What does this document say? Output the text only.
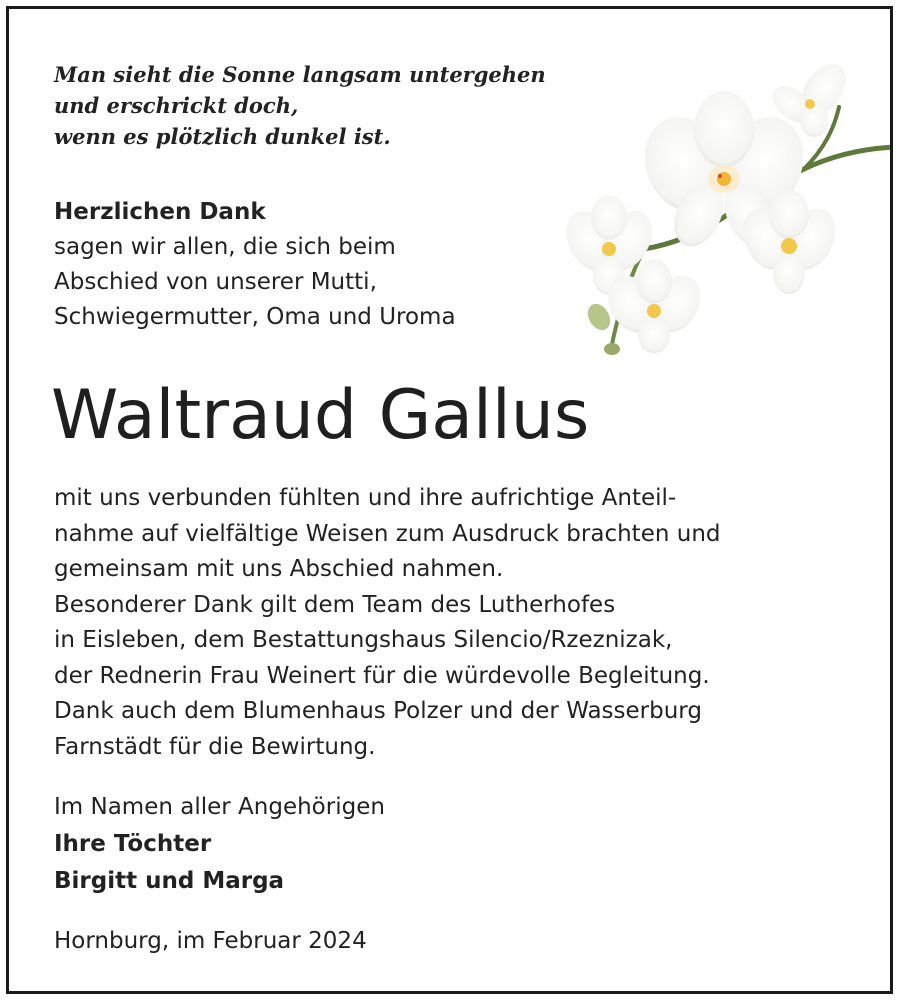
Man sieht die Sonne langsam untergehen
und erschrickt doch,
wenn es plötzlich dunkel ist.
Herzlichen Dank
sagen wir allen, die sich beim
Abschied von unserer Mutti,
Schwiegermutter, Oma und Uroma
Waltraud Gallus
mit uns verbunden fühlten und ihre aufrichtige Anteil-
nahme auf vielfältige Weisen zum Ausdruck brachten und
gemeinsam mit uns Abschied nahmen.
Besonderer Dank gilt dem Team des Lutherhofes
in Eisleben, dem Bestattungshaus Silencio/Rzeznizak,
der Rednerin Frau Weinert für die würdevolle Begleitung.
Dank auch dem Blumenhaus Polzer und der Wasserburg
Farnstädt für die Bewirtung.
Im Namen aller Angehörigen
Ihre Töchter
Birgitt und Marga
Hornburg, im Februar 2024
